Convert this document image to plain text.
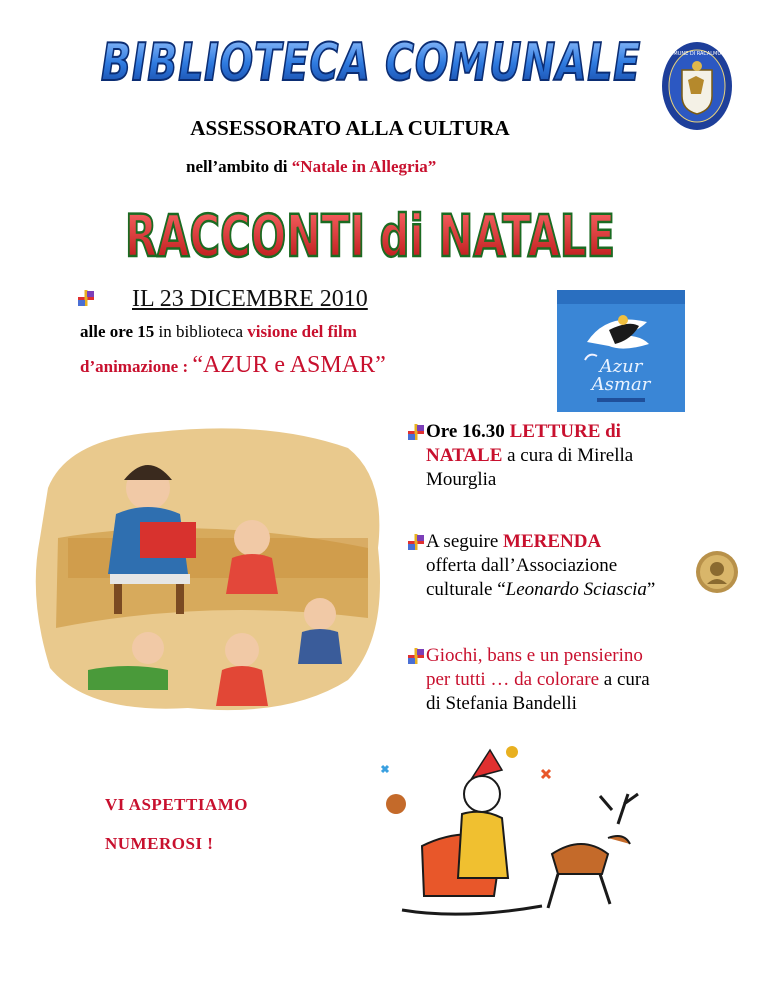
BIBLIOTECA COMUNALE	COMUNE DI RACALMUTO
ASSESSORATO ALLA CULTURA
nell’ambito di “Natale in Allegria”
RACCONTI di NATALE
IL 23 DICEMBRE 2010
alle ore 15 in biblioteca visione del film
d’animazione : “AZUR e ASMAR”	Azur
Asmar
Ore 16.30 LETTURE di
NATALE a cura di Mirella
Mourglia
A seguire MERENDA
offerta dall’Associazione
culturale “Leonardo Sciascia”
Giochi, bans e un pensierino
per tutti … da colorare a cura
di Stefania Bandelli
VI ASPETTIAMO
NUMEROSI !
